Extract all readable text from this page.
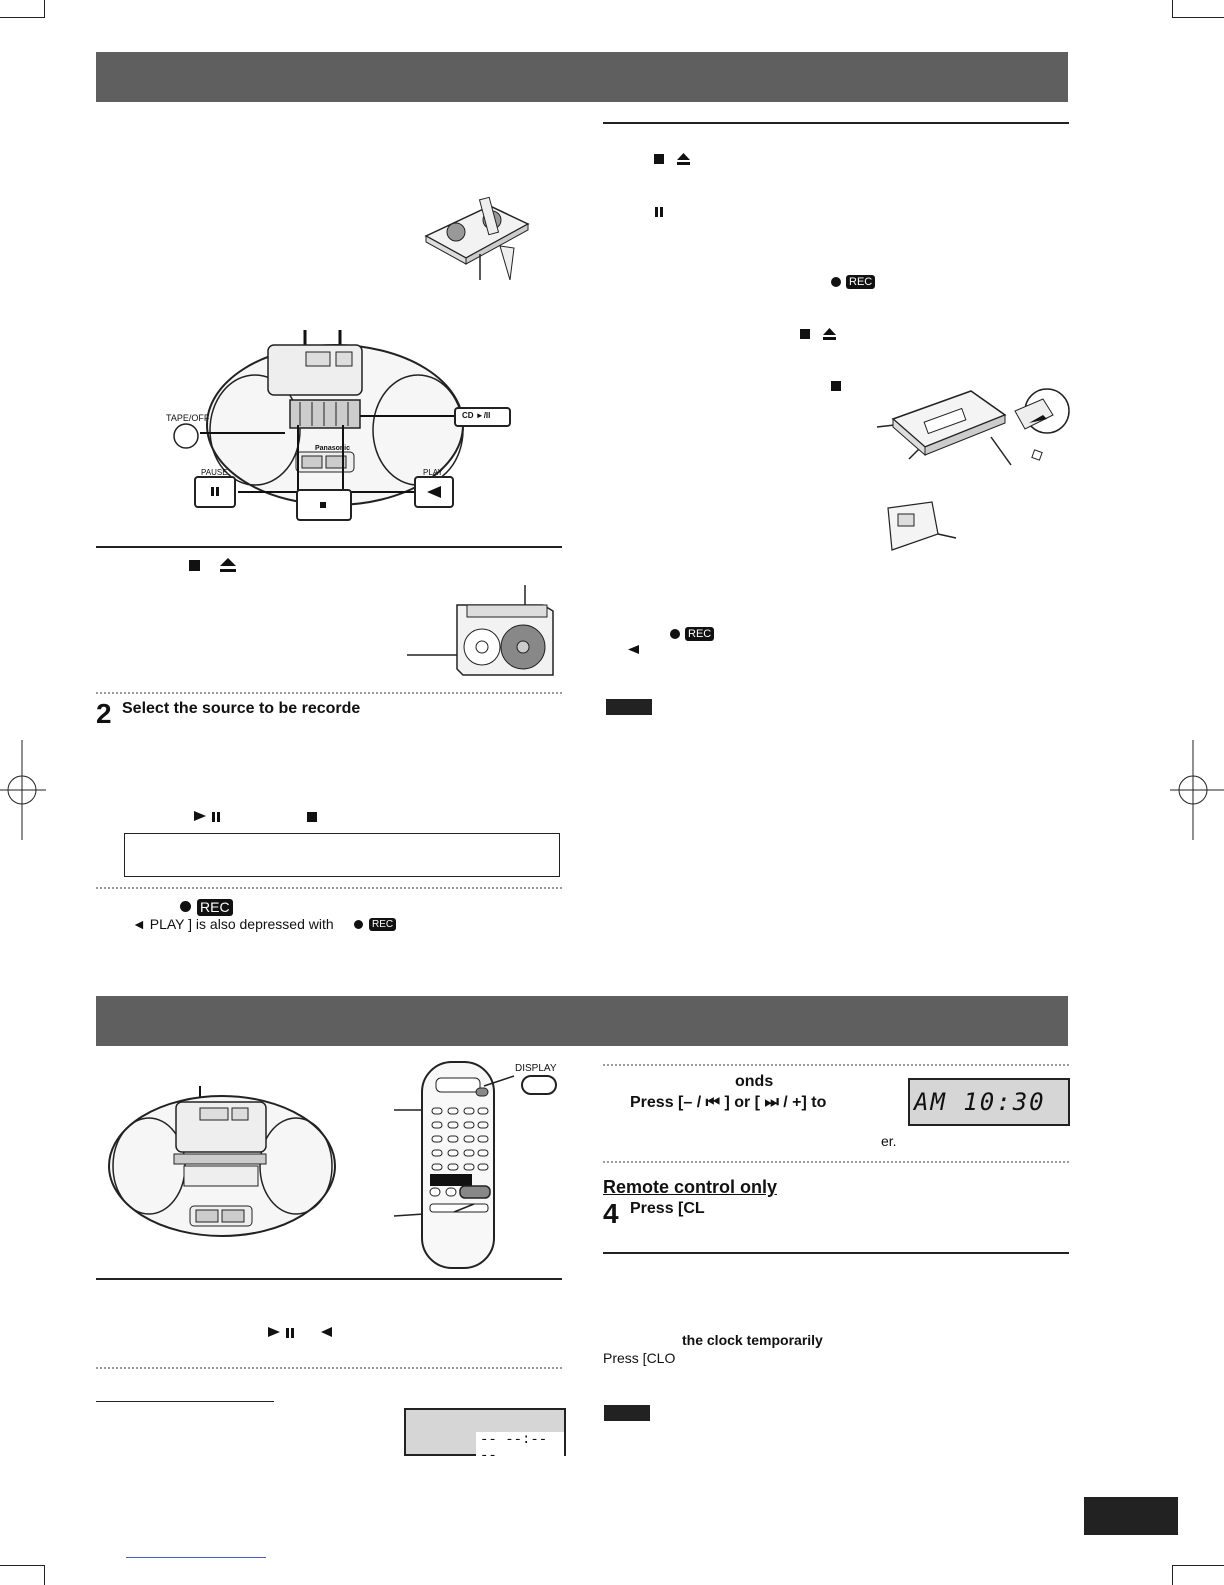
Panasonic
TAPE/OFF	CD ►/II
PAUSE	PLAY
2 Select the source to be recorde
REC
◄ PLAY ] is also depressed with	REC
REC
REC
DISPLAY
-- --:-- --
onds
Press [– / ⏮ ] or [ ⏭ / +] to	AM 10:30
er.
Remote control only
4 Press [CL
the clock temporarily
Press [CLO
